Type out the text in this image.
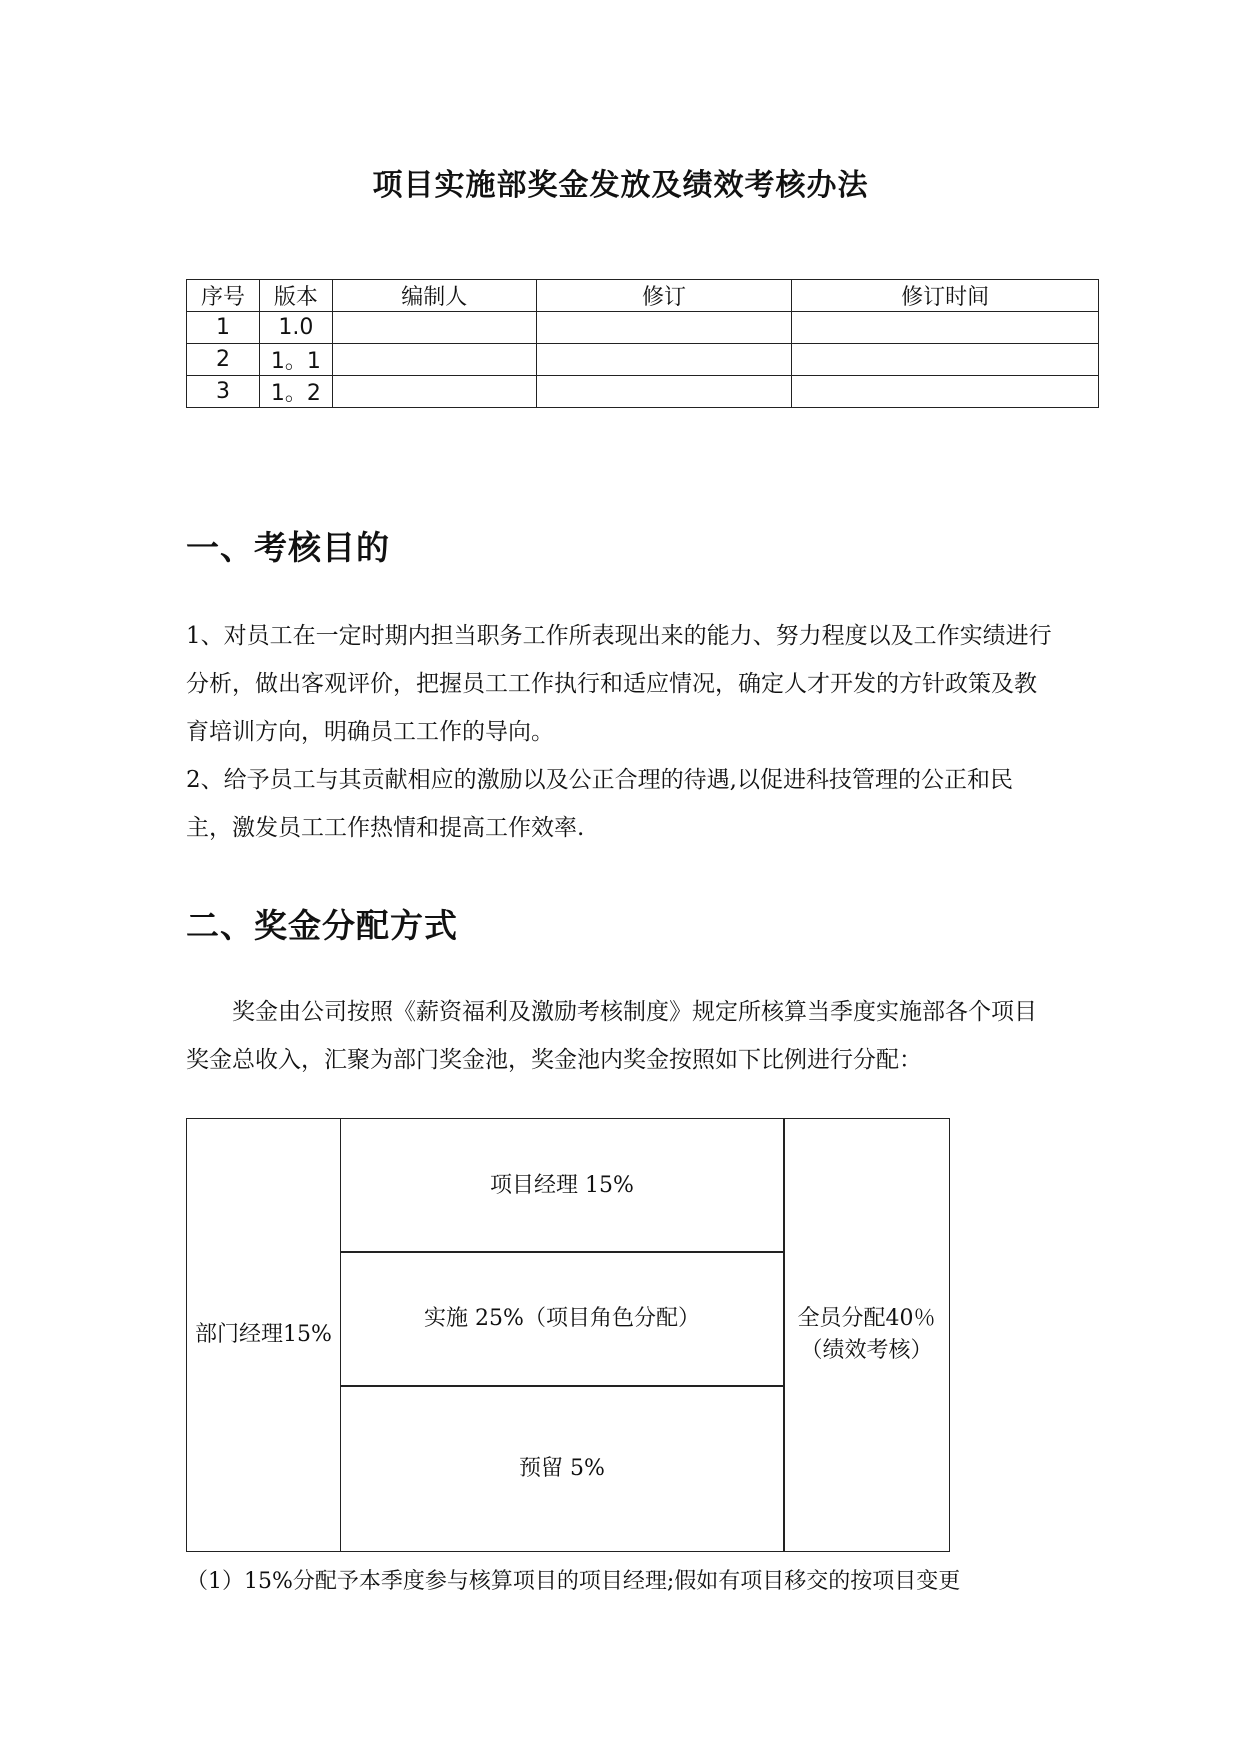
项目实施部奖金发放及绩效考核办法
序号	版本	编制人	修订	修订时间
1	1.0			
2	1。1			
3	1。2			
一、考核目的
1、对员工在一定时期内担当职务工作所表现出来的能力、努力程度以及工作实绩进行分析，做出客观评价，把握员工工作执行和适应情况，确定人才开发的方针政策及教育培训方向，明确员工工作的导向。
2、给予员工与其贡献相应的激励以及公正合理的待遇,以促进科技管理的公正和民主，激发员工工作热情和提高工作效率.
二、奖金分配方式
奖金由公司按照《薪资福利及激励考核制度》规定所核算当季度实施部各个项目奖金总收入，汇聚为部门奖金池，奖金池内奖金按照如下比例进行分配：
部门经理15%
项目经理 15%
实施 25%（项目角色分配）
预留 5%
全员分配40％
（绩效考核）
（1）15%分配予本季度参与核算项目的项目经理;假如有项目移交的按项目变更
